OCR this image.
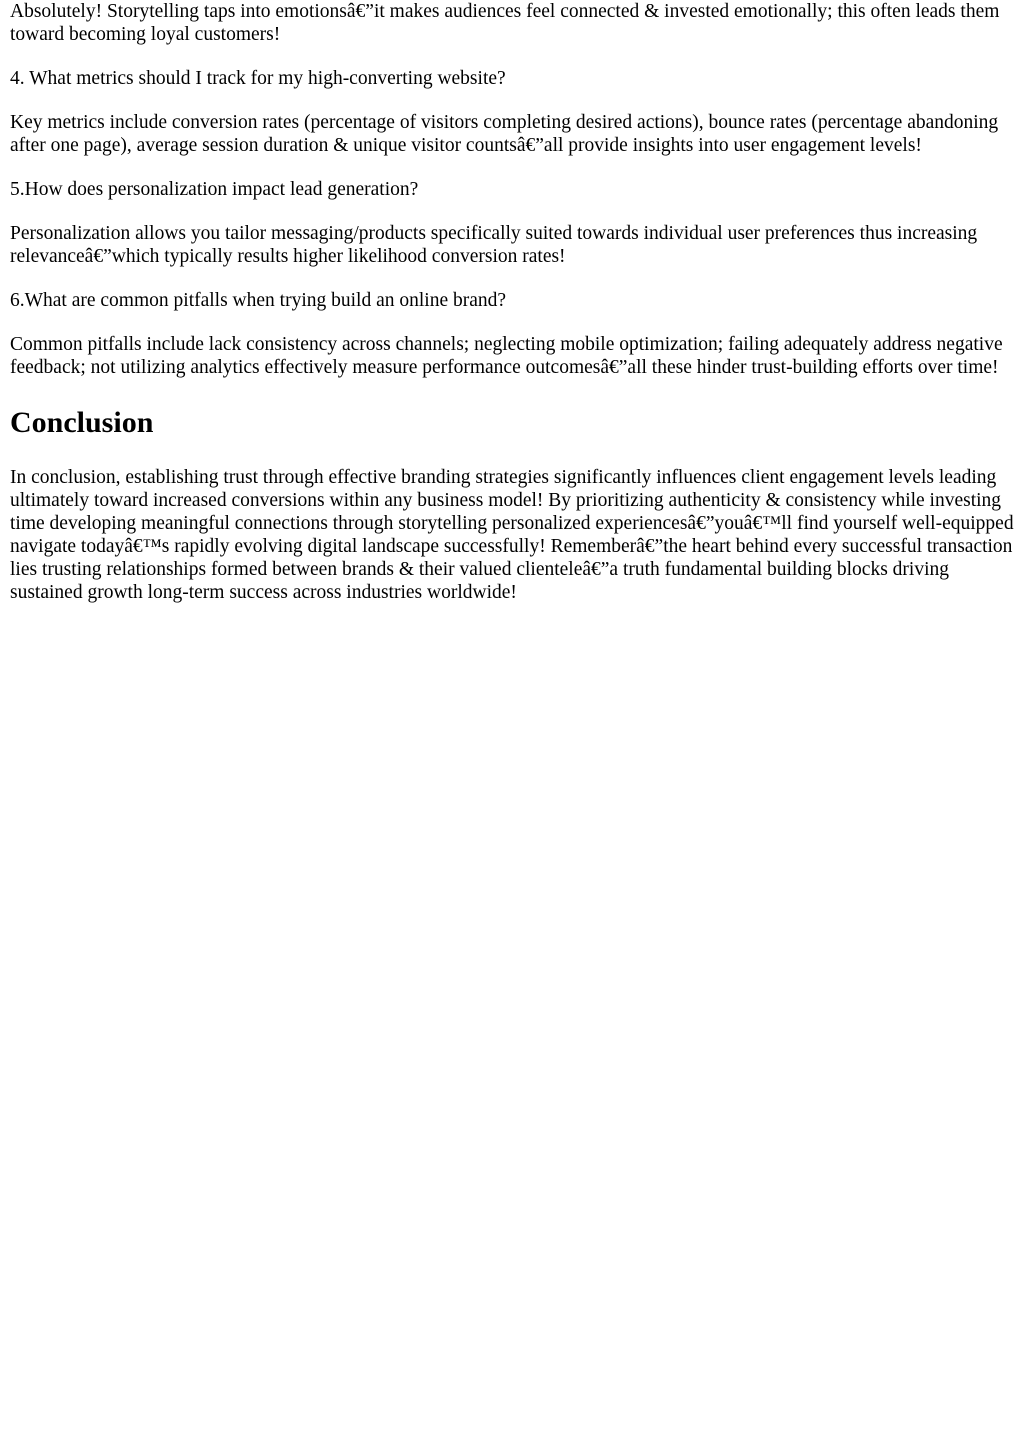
Absolutely! Storytelling taps into emotionsâ€”it makes audiences feel connected & invested emotionally; this often leads them toward becoming loyal customers!

4. What metrics should I track for my high-converting website?

Key metrics include conversion rates (percentage of visitors completing desired actions), bounce rates (percentage abandoning after one page), average session duration & unique visitor countsâ€”all provide insights into user engagement levels!

5.How does personalization impact lead generation?

Personalization allows you tailor messaging/products specifically suited towards individual user preferences thus increasing relevanceâ€”which typically results higher likelihood conversion rates!

6.What are common pitfalls when trying build an online brand?

Common pitfalls include lack consistency across channels; neglecting mobile optimization; failing adequately address negative feedback; not utilizing analytics effectively measure performance outcomesâ€”all these hinder trust-building efforts over time!

Conclusion

In conclusion, establishing trust through effective branding strategies significantly influences client engagement levels leading ultimately toward increased conversions within any business model! By prioritizing authenticity & consistency while investing time developing meaningful connections through storytelling personalized experiencesâ€”youâ€™ll find yourself well-equipped navigate todayâ€™s rapidly evolving digital landscape successfully! Rememberâ€”the heart behind every successful transaction lies trusting relationships formed between brands & their valued clienteleâ€”a truth fundamental building blocks driving sustained growth long-term success across industries worldwide!
